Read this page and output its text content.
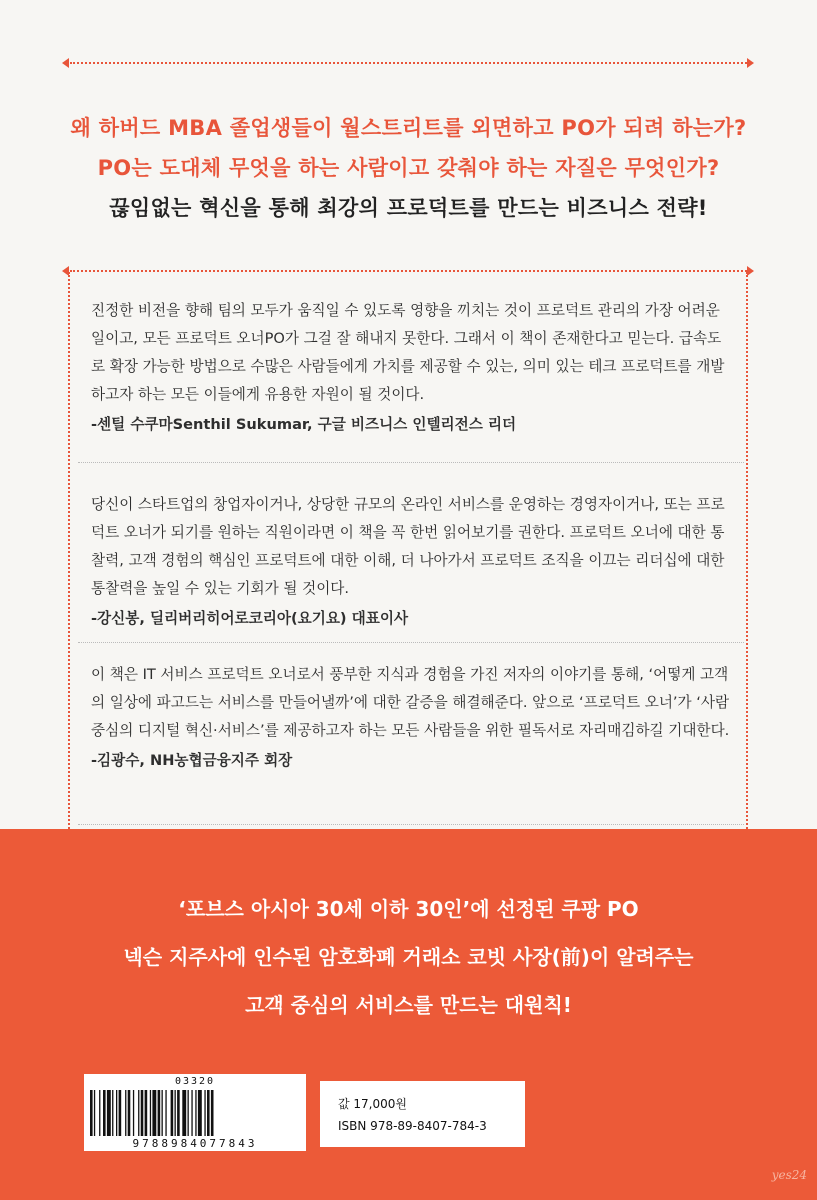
왜 하버드 MBA 졸업생들이 월스트리트를 외면하고 PO가 되려 하는가?
PO는 도대체 무엇을 하는 사람이고 갖춰야 하는 자질은 무엇인가?
끊임없는 혁신을 통해 최강의 프로덕트를 만드는 비즈니스 전략!

진정한 비전을 향해 팀의 모두가 움직일 수 있도록 영향을 끼치는 것이 프로덕트 관리의 가장 어려운 일이고, 모든 프로덕트 오너PO가 그걸 잘 해내지 못한다. 그래서 이 책이 존재한다고 믿는다. 급속도로 확장 가능한 방법으로 수많은 사람들에게 가치를 제공할 수 있는, 의미 있는 테크 프로덕트를 개발하고자 하는 모든 이들에게 유용한 자원이 될 것이다.

-센틸 수쿠마Senthil Sukumar, 구글 비즈니스 인텔리전스 리더

당신이 스타트업의 창업자이거나, 상당한 규모의 온라인 서비스를 운영하는 경영자이거나, 또는 프로덕트 오너가 되기를 원하는 직원이라면 이 책을 꼭 한번 읽어보기를 권한다. 프로덕트 오너에 대한 통찰력, 고객 경험의 핵심인 프로덕트에 대한 이해, 더 나아가서 프로덕트 조직을 이끄는 리더십에 대한 통찰력을 높일 수 있는 기회가 될 것이다.

-강신봉, 딜리버리히어로코리아(요기요) 대표이사

이 책은 IT 서비스 프로덕트 오너로서 풍부한 지식과 경험을 가진 저자의 이야기를 통해, ‘어떻게 고객의 일상에 파고드는 서비스를 만들어낼까’에 대한 갈증을 해결해준다. 앞으로 ‘프로덕트 오너’가 ‘사람 중심의 디지털 혁신·서비스’를 제공하고자 하는 모든 사람들을 위한 필독서로 자리매김하길 기대한다.

-김광수, NH농협금융지주 회장

‘포브스 아시아 30세 이하 30인’에 선정된 쿠팡 PO
넥슨 지주사에 인수된 암호화폐 거래소 코빗 사장(前)이 알려주는
고객 중심의 서비스를 만드는 대원칙!
03320
9788984077843
값 17,000원
ISBN 978-89-8407-784-3
yes24
